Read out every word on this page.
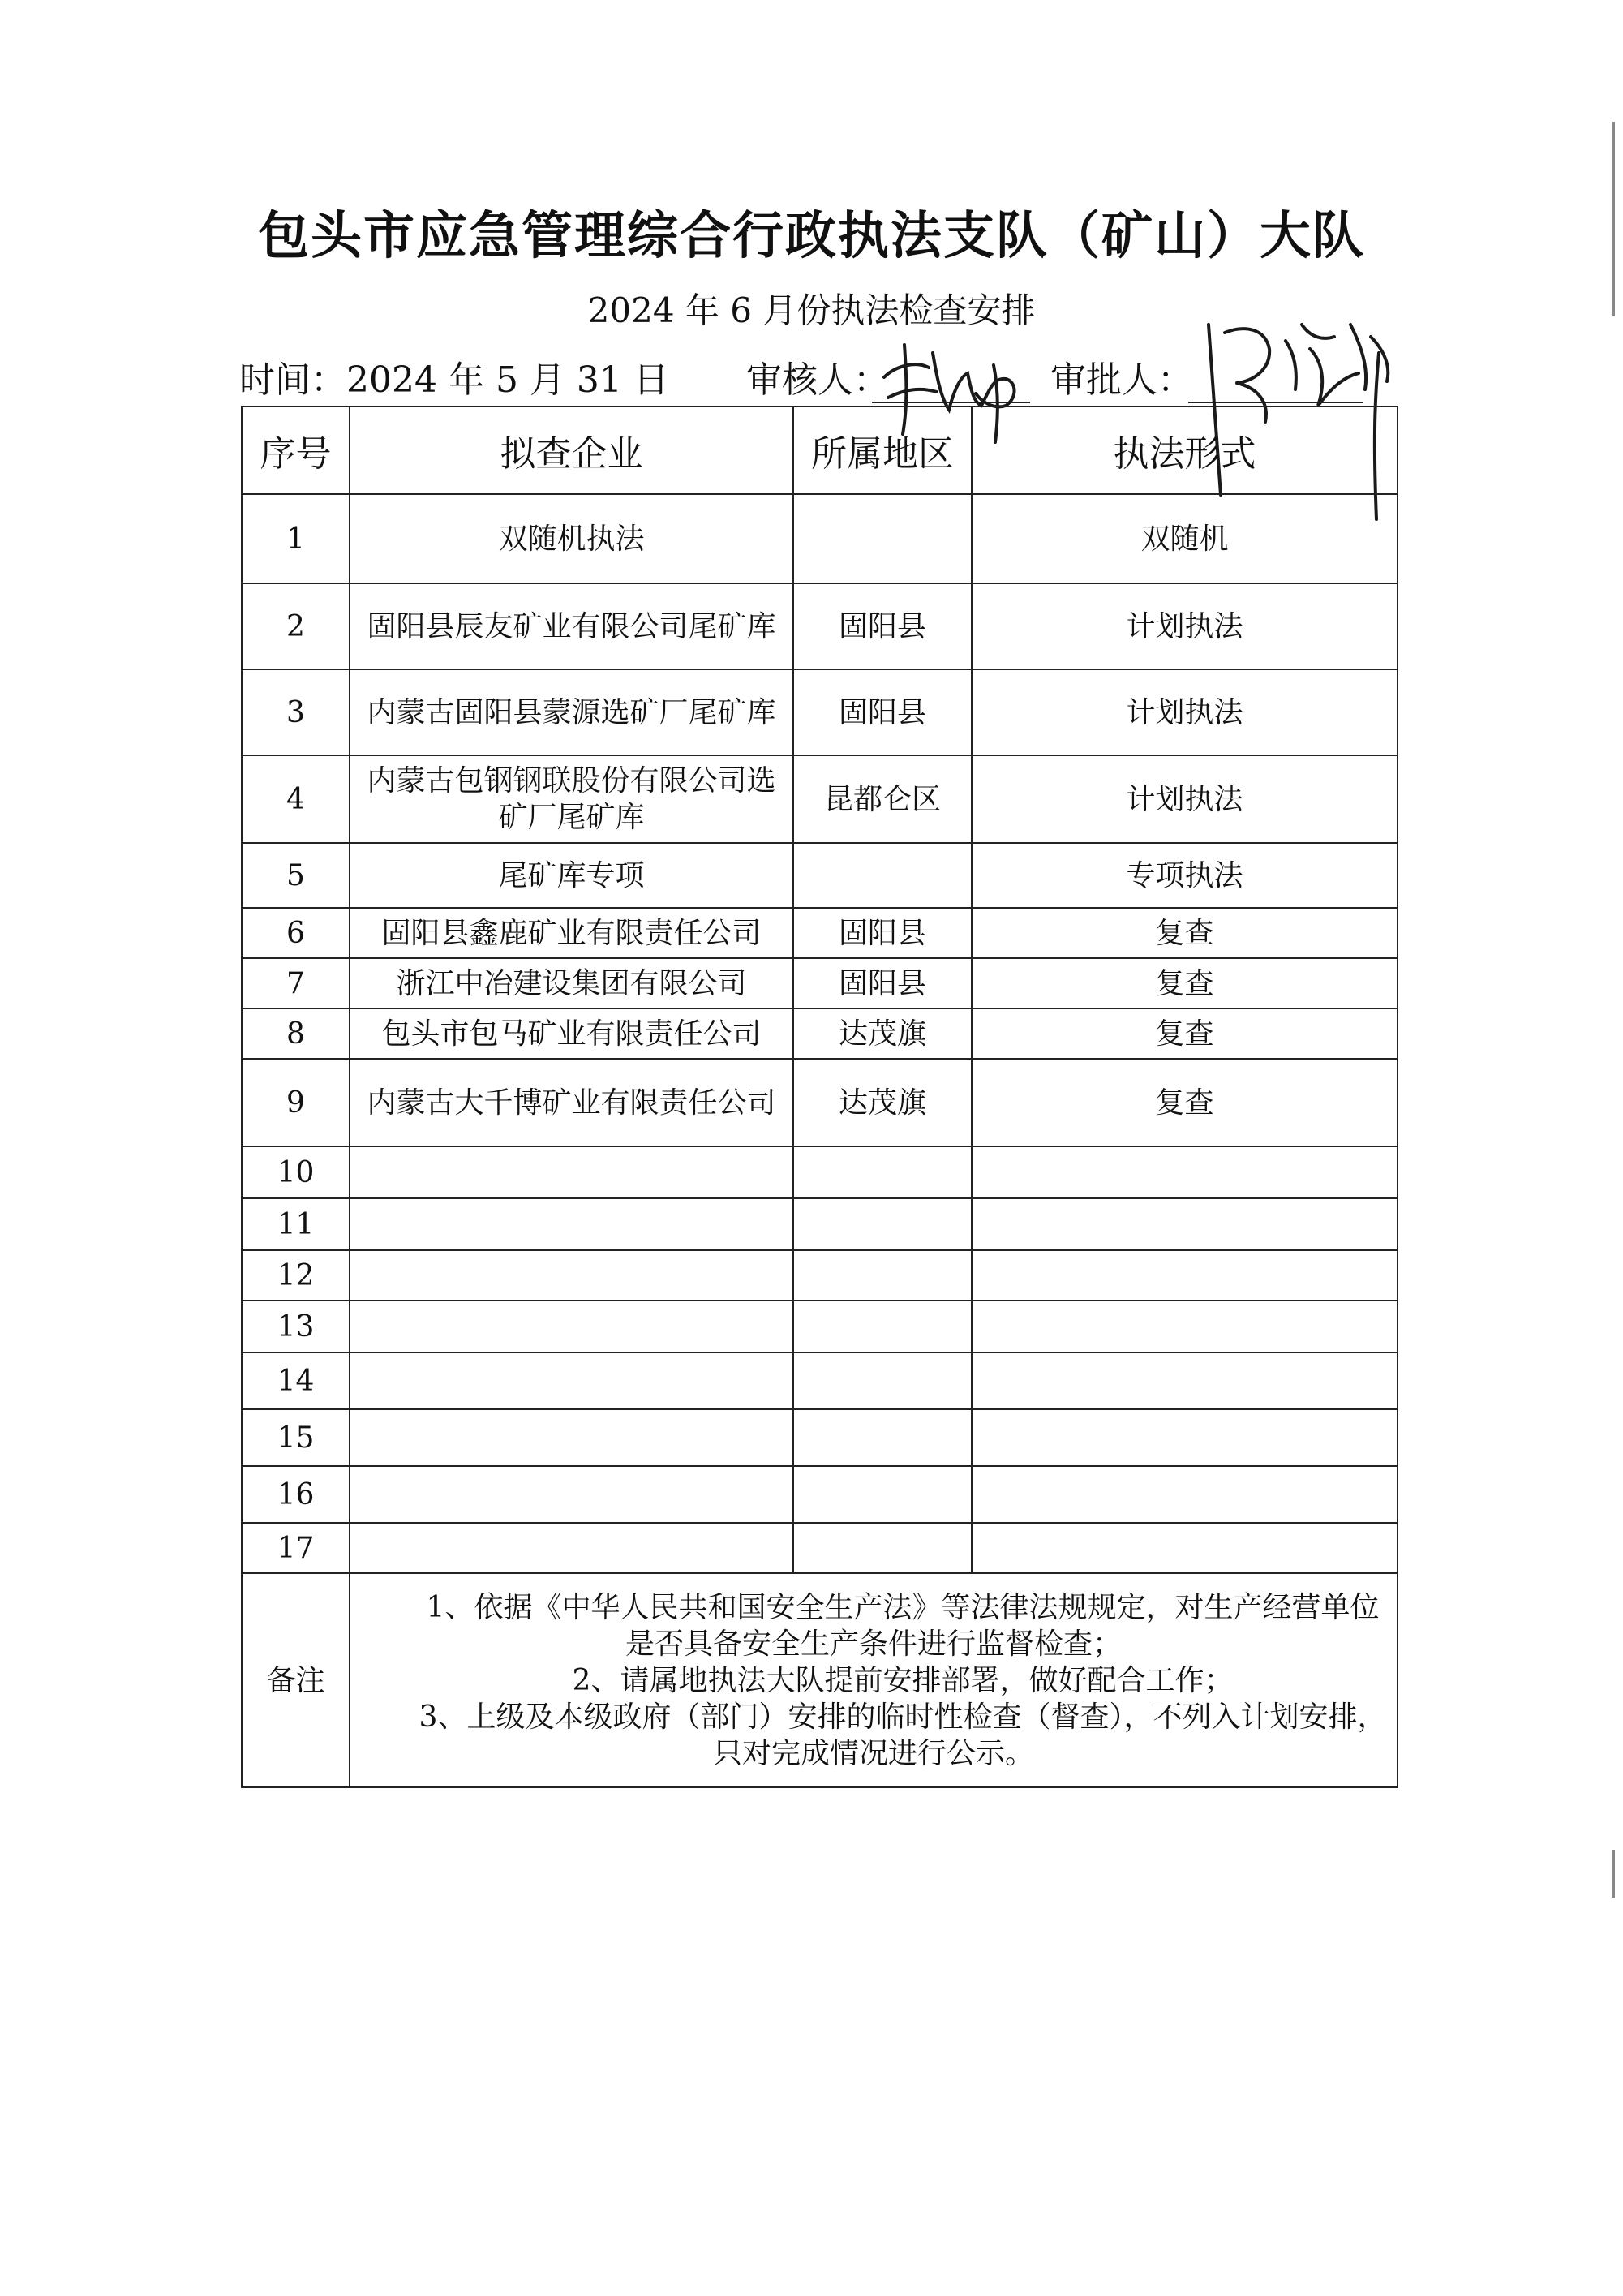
包头市应急管理综合行政执法支队（矿山）大队
2024 年 6 月份执法检查安排
时间：2024 年 5 月 31 日 审核人：	审批人：
序号	拟查企业	所属地区	执法形式
1	双随机执法		双随机
2	固阳县辰友矿业有限公司尾矿库	固阳县	计划执法
3	内蒙古固阳县蒙源选矿厂尾矿库	固阳县	计划执法
4	内蒙古包钢钢联股份有限公司选矿厂尾矿库	昆都仑区	计划执法
5	尾矿库专项		专项执法
6	固阳县鑫鹿矿业有限责任公司	固阳县	复查
7	浙江中冶建设集团有限公司	固阳县	复查
8	包头市包马矿业有限责任公司	达茂旗	复查
9	内蒙古大千博矿业有限责任公司	达茂旗	复查
10			
11			
12			
13			
14			
15			
16			
17			
备注	1、依据《中华人民共和国安全生产法》等法律法规规定，对生产经营单位是否具备安全生产条件进行监督检查；
2、请属地执法大队提前安排部署，做好配合工作；
3、上级及本级政府（部门）安排的临时性检查（督查），不列入计划安排，只对完成情况进行公示。		
